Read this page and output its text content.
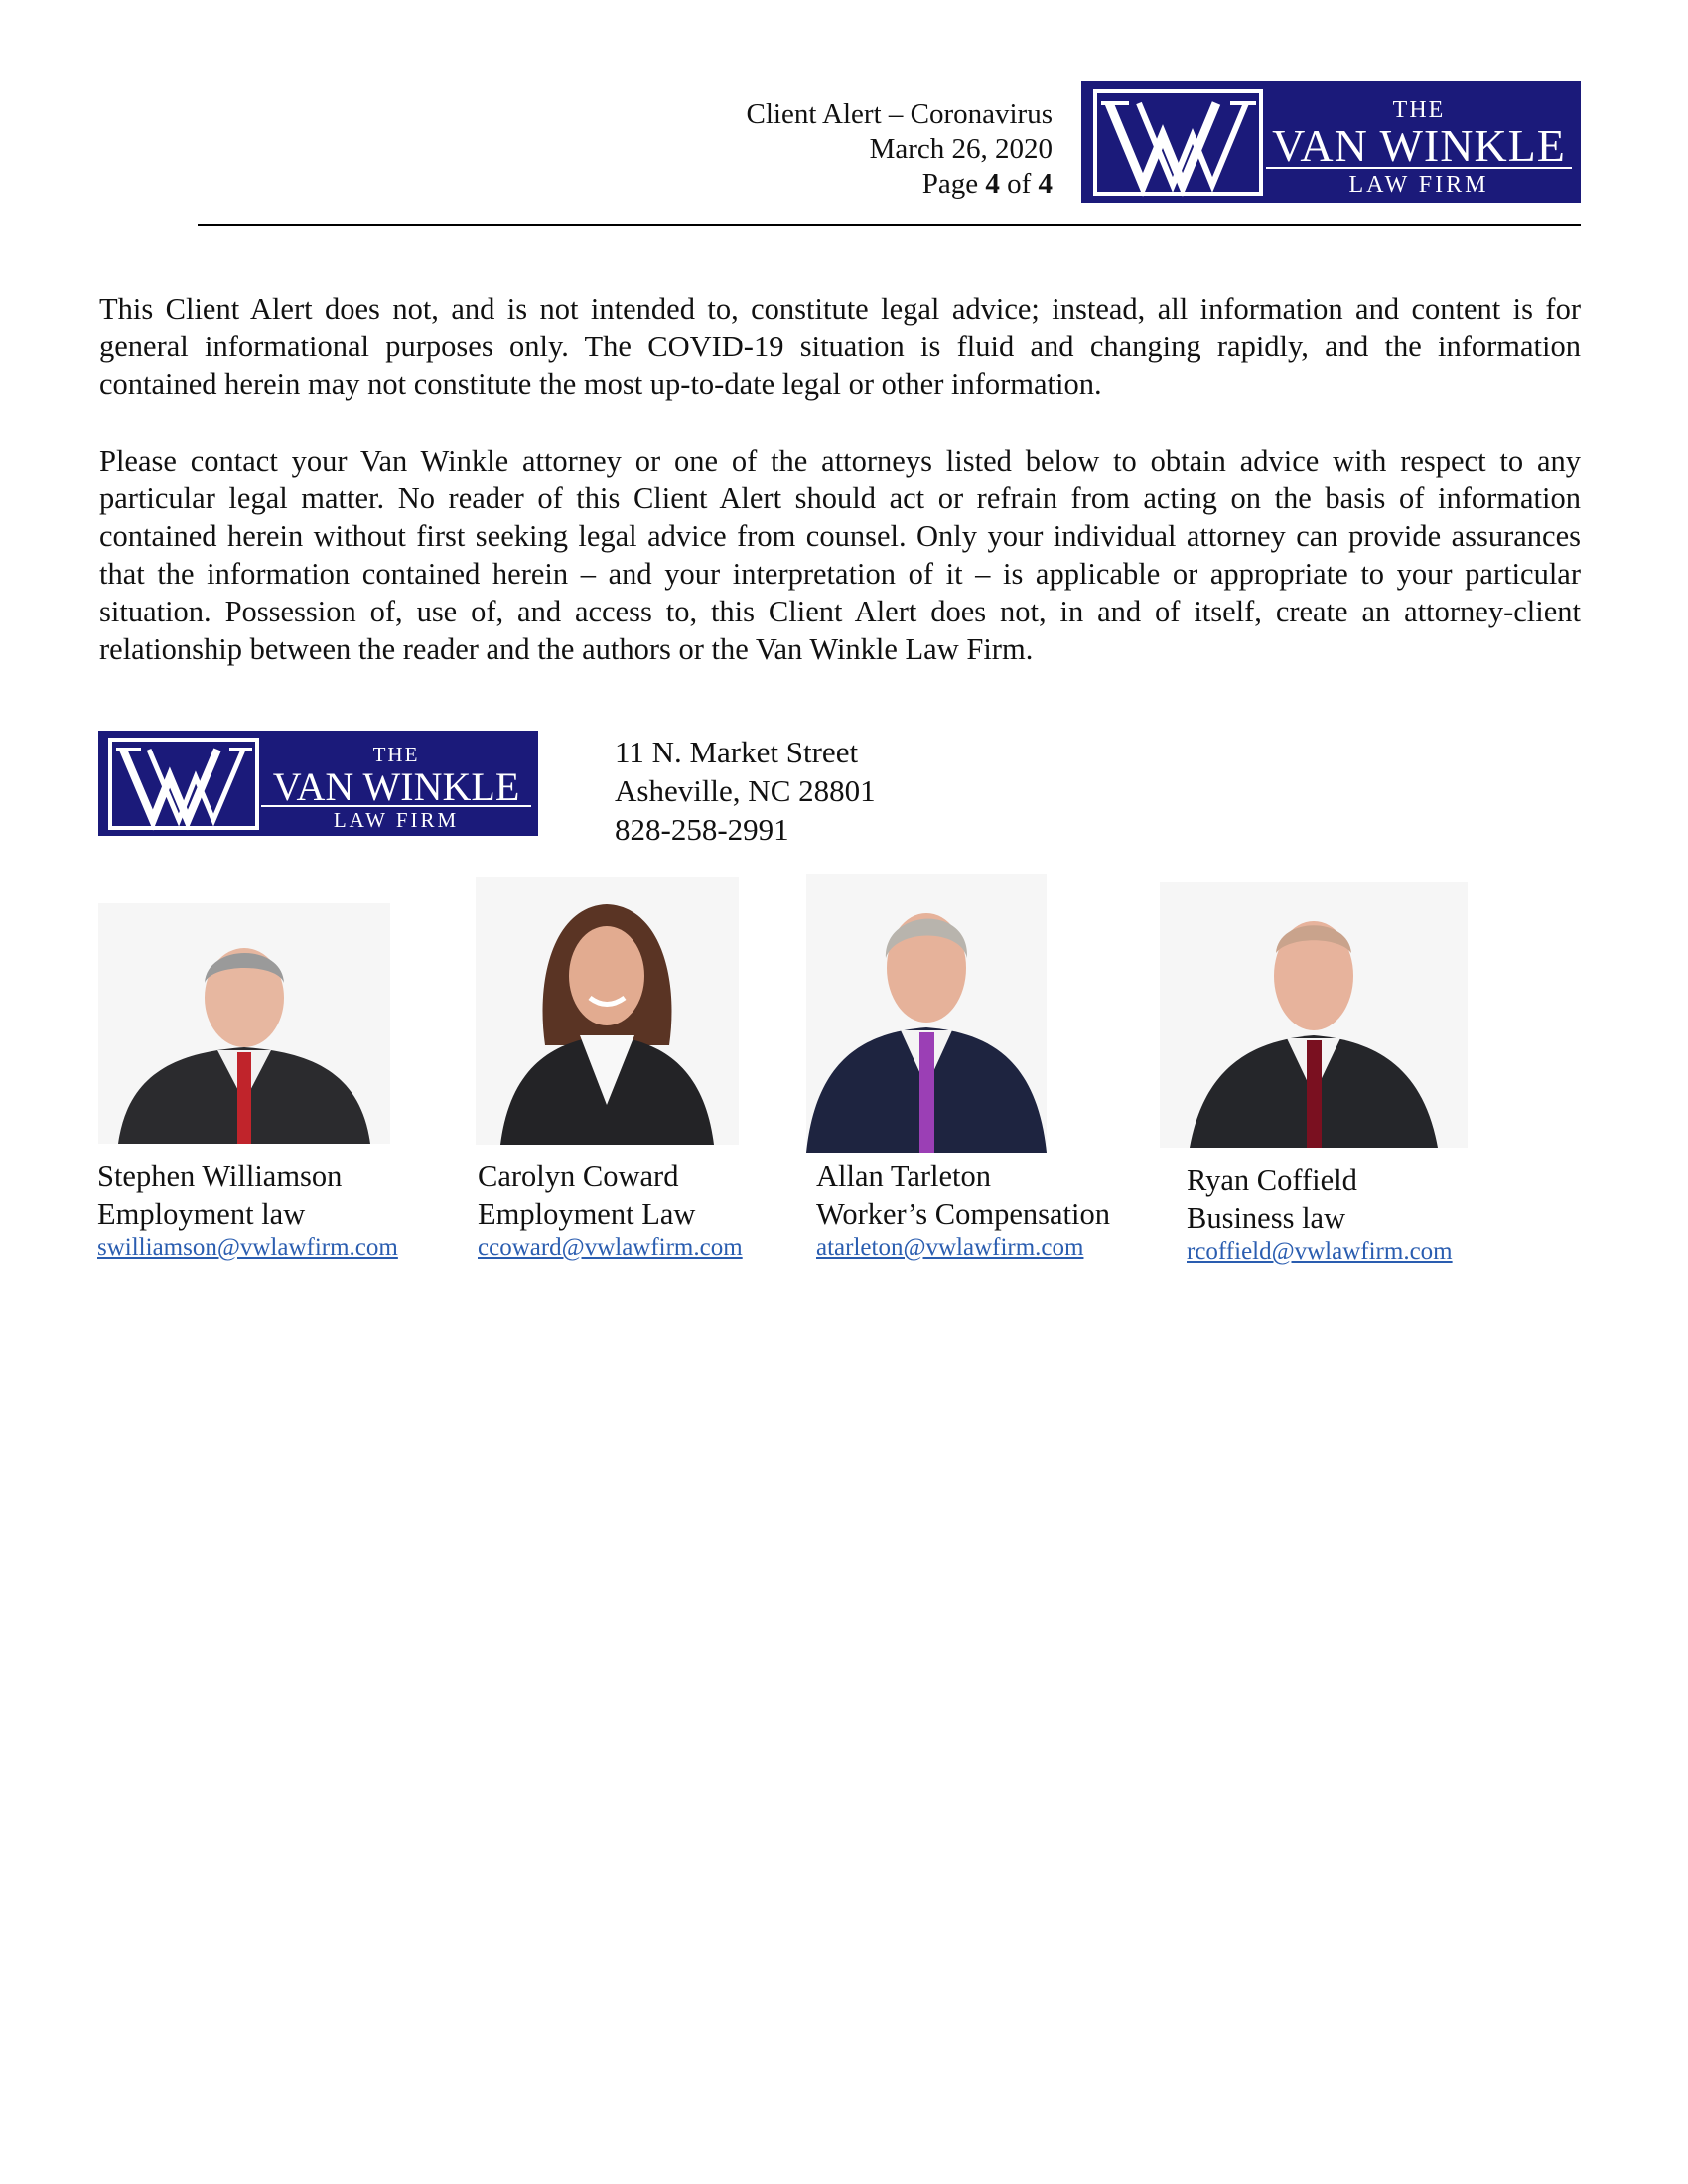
Client Alert – Coronavirus
March 26, 2020
Page 4 of 4
THE
VAN WINKLE
LAW FIRM
This Client Alert does not, and is not intended to, constitute legal advice; instead, all information and content is for general informational purposes only. The COVID-19 situation is fluid and changing rapidly, and the information contained herein may not constitute the most up-to-date legal or other information.
Please contact your Van Winkle attorney or one of the attorneys listed below to obtain advice with respect to any particular legal matter. No reader of this Client Alert should act or refrain from acting on the basis of information contained herein without first seeking legal advice from counsel. Only your individual attorney can provide assurances that the information contained herein – and your interpretation of it – is applicable or appropriate to your particular situation. Possession of, use of, and access to, this Client Alert does not, in and of itself, create an attorney-client relationship between the reader and the authors or the Van Winkle Law Firm.
THE
VAN WINKLE
LAW FIRM
11 N. Market Street
Asheville, NC 28801
828-258-2991
Stephen Williamson
Employment law
swilliamson@vwlawfirm.com
Carolyn Coward
Employment Law
ccoward@vwlawfirm.com
Allan Tarleton
Worker’s Compensation
atarleton@vwlawfirm.com
Ryan Coffield
Business law
rcoffield@vwlawfirm.com
